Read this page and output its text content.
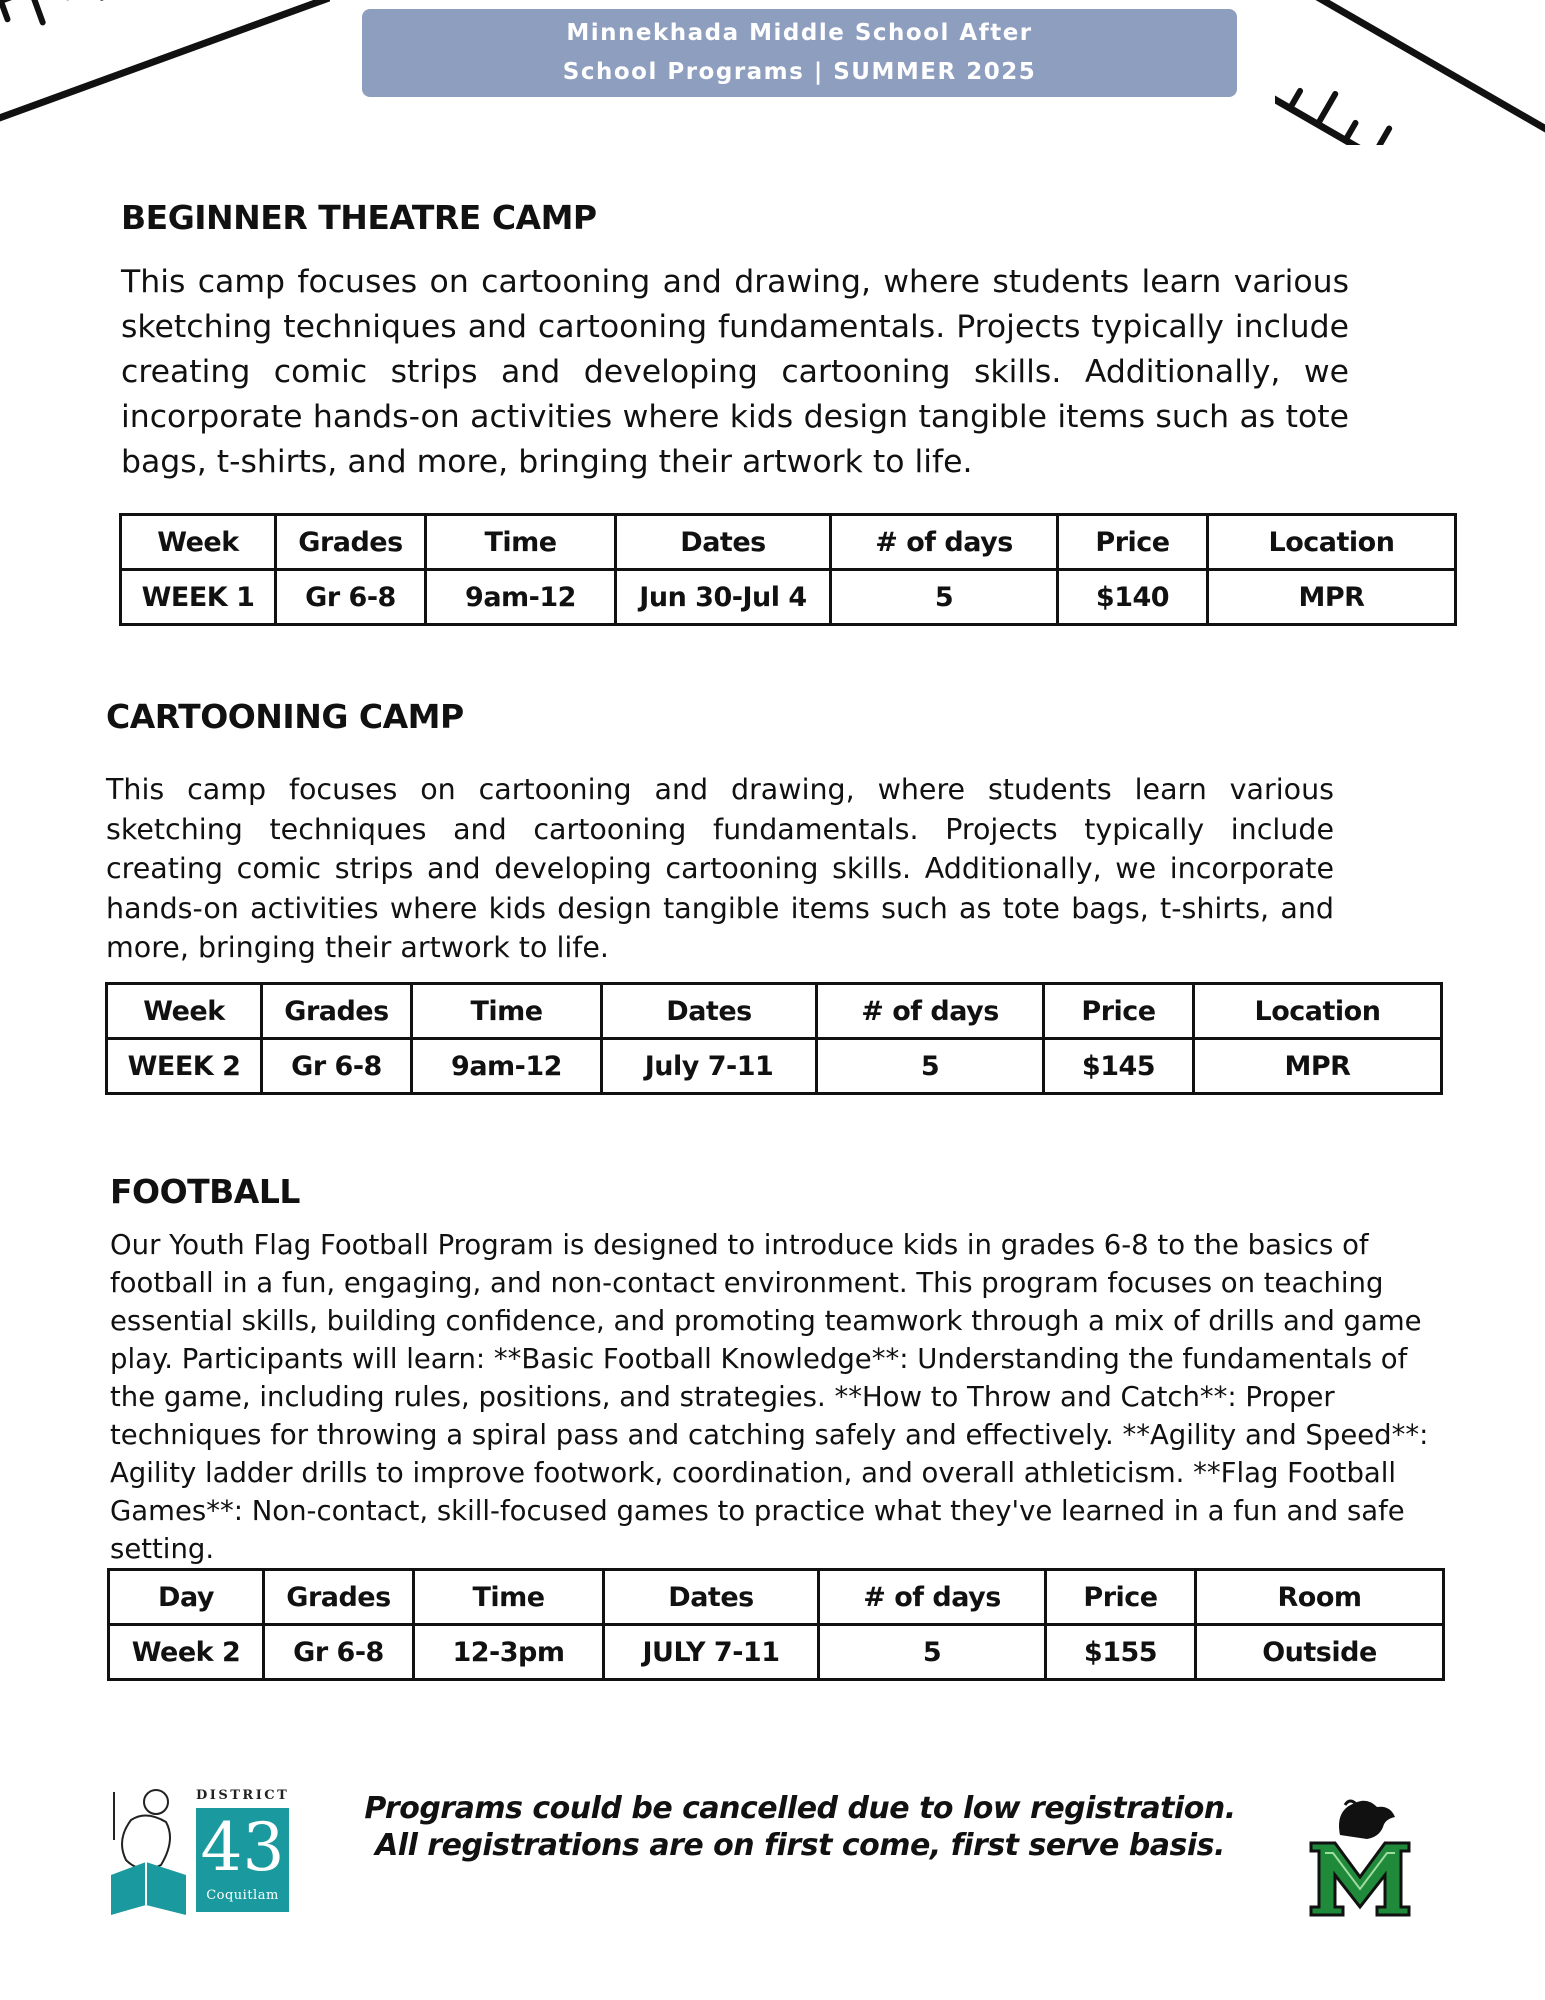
Minnekhada Middle School After
School Programs | SUMMER 2025
BEGINNER THEATRE CAMP

This camp focuses on cartooning and drawing, where students learn various sketching techniques and cartooning fundamentals. Projects typically include creating comic strips and developing cartooning skills. Additionally, we incorporate hands-on activities where kids design tangible items such as tote bags, t-shirts, and more, bringing their artwork to life.

Week	Grades	Time	Dates	# of days	Price	Location
WEEK 1	Gr 6-8	9am-12	Jun 30-Jul 4	5	$140	MPR
CARTOONING CAMP

This camp focuses on cartooning and drawing, where students learn various sketching techniques and cartooning fundamentals. Projects typically include creating comic strips and developing cartooning skills. Additionally, we incorporate hands-on activities where kids design tangible items such as tote bags, t-shirts, and more, bringing their artwork to life.

Week	Grades	Time	Dates	# of days	Price	Location
WEEK 2	Gr 6-8	9am-12	July 7-11	5	$145	MPR
FOOTBALL

Our Youth Flag Football Program is designed to introduce kids in grades 6-8 to the basics of football in a fun, engaging, and non-contact environment. This program focuses on teaching essential skills, building confidence, and promoting teamwork through a mix of drills and game play. Participants will learn: **Basic Football Knowledge**: Understanding the fundamentals of the game, including rules, positions, and strategies. **How to Throw and Catch**: Proper techniques for throwing a spiral pass and catching safely and effectively. **Agility and Speed**: Agility ladder drills to improve footwork, coordination, and overall athleticism. **Flag Football Games**: Non-contact, skill-focused games to practice what they've learned in a fun and safe setting.

Day	Grades	Time	Dates	# of days	Price	Room
Week 2	Gr 6-8	12-3pm	JULY 7-11	5	$155	Outside
DISTRICT
43
Coquitlam
Programs could be cancelled due to low registration.
All registrations are on first come, first serve basis.
